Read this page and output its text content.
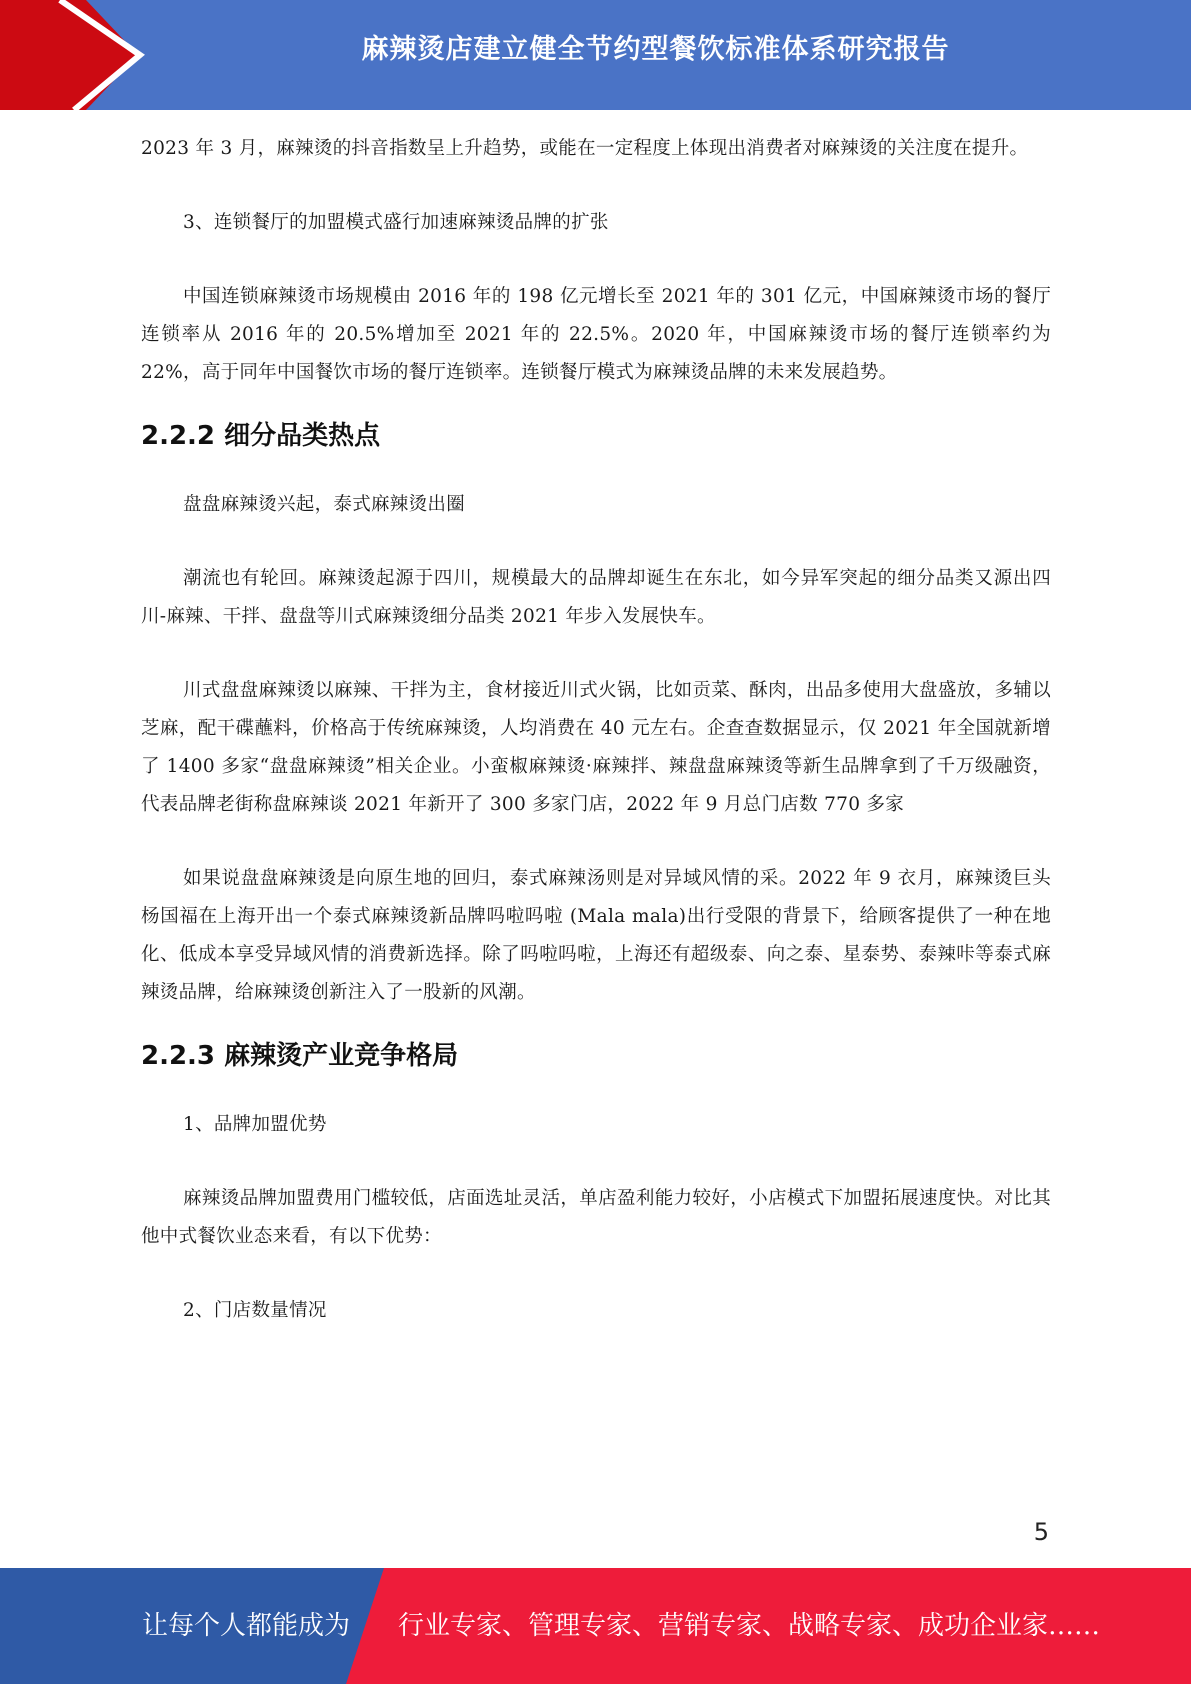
麻辣烫店建立健全节约型餐饮标准体系研究报告

2023 年 3 月，麻辣烫的抖音指数呈上升趋势，或能在一定程度上体现出消费者对麻辣烫的关注度在提升。

3、连锁餐厅的加盟模式盛行加速麻辣烫品牌的扩张

中国连锁麻辣烫市场规模由 2016 年的 198 亿元增长至 2021 年的 301 亿元，中国麻辣烫市场的餐厅连锁率从 2016 年的 20.5%增加至 2021 年的 22.5%。2020 年，中国麻辣烫市场的餐厅连锁率约为 22%，高于同年中国餐饮市场的餐厅连锁率。连锁餐厅模式为麻辣烫品牌的未来发展趋势。

2.2.2 细分品类热点

盘盘麻辣烫兴起，泰式麻辣烫出圈

潮流也有轮回。麻辣烫起源于四川，规模最大的品牌却诞生在东北，如今异军突起的细分品类又源出四川-麻辣、干拌、盘盘等川式麻辣烫细分品类 2021 年步入发展快车。

川式盘盘麻辣烫以麻辣、干拌为主，食材接近川式火锅，比如贡菜、酥肉，出品多使用大盘盛放，多辅以芝麻，配干碟蘸料，价格高于传统麻辣烫，人均消费在 40 元左右。企查查数据显示，仅 2021 年全国就新增了 1400 多家“盘盘麻辣烫”相关企业。小蛮椒麻辣烫·麻辣拌、辣盘盘麻辣烫等新生品牌拿到了千万级融资，代表品牌老街称盘麻辣谈 2021 年新开了 300 多家门店，2022 年 9 月总门店数 770 多家

如果说盘盘麻辣烫是向原生地的回归，泰式麻辣汤则是对异域风情的采。2022 年 9 衣月，麻辣烫巨头杨国福在上海开出一个泰式麻辣烫新品牌吗啦吗啦 (Mala mala)出行受限的背景下，给顾客提供了一种在地化、低成本享受异域风情的消费新选择。除了吗啦吗啦，上海还有超级泰、向之泰、星泰势、泰辣咔等泰式麻辣烫品牌，给麻辣烫创新注入了一股新的风潮。

2.2.3 麻辣烫产业竞争格局

1、品牌加盟优势

麻辣烫品牌加盟费用门槛较低，店面选址灵活，单店盈利能力较好，小店模式下加盟拓展速度快。对比其他中式餐饮业态来看，有以下优势：

2、门店数量情况

5
让每个人都能成为 行业专家、管理专家、营销专家、战略专家、成功企业家……
